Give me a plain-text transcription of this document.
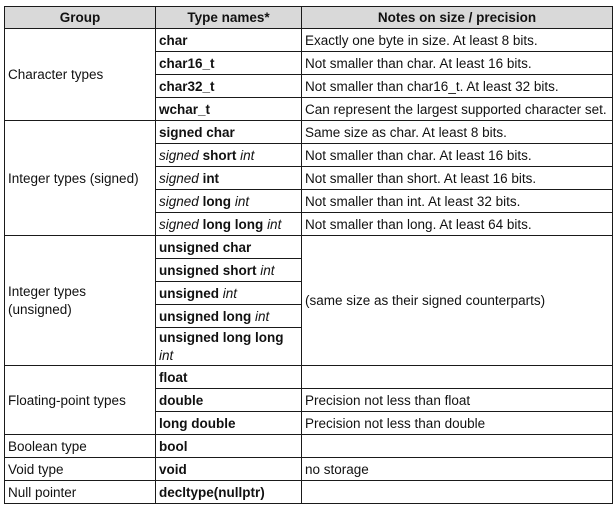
Group	Type names*	Notes on size / precision
Character types	char	Exactly one byte in size. At least 8 bits.
	char16_t	Not smaller than char. At least 16 bits.
	char32_t	Not smaller than char16_t. At least 32 bits.
	wchar_t	Can represent the largest supported character set.
Integer types (signed)	signed char	Same size as char. At least 8 bits.
	signed short int	Not smaller than char. At least 16 bits.
	signed int	Not smaller than short. At least 16 bits.
	signed long int	Not smaller than int. At least 32 bits.
	signed long long int	Not smaller than long. At least 64 bits.
Integer types (unsigned)	unsigned char	(same size as their signed counterparts)
	unsigned short int	
	unsigned int	
	unsigned long int	
	unsigned long long int	
Floating-point types	float	
	double	Precision not less than float
	long double	Precision not less than double
Boolean type	bool	
Void type	void	no storage
Null pointer	decltype(nullptr)	
